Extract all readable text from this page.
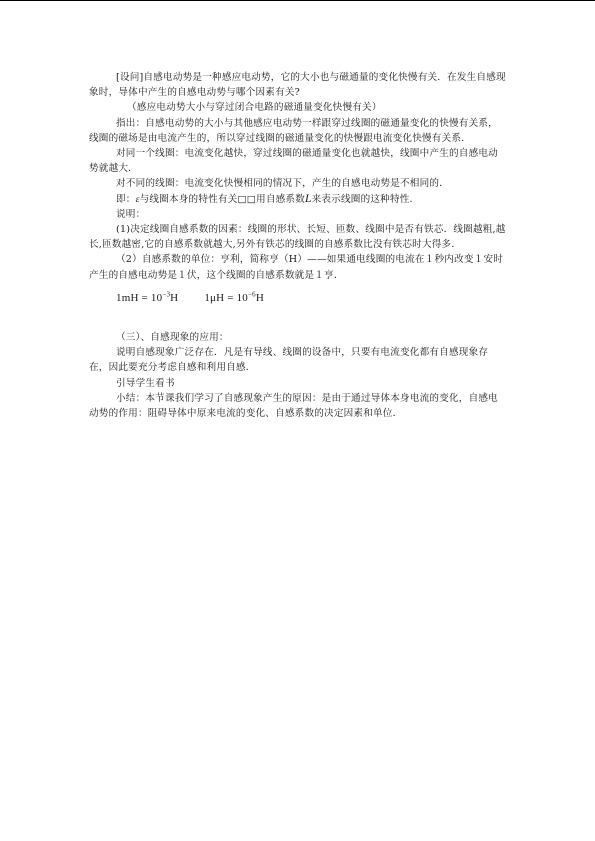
[设问]自感电动势是一种感应电动势，它的大小也与磁通量的变化快慢有关．在发生自感现象时，导体中产生的自感电动势与哪个因素有关?

（感应电动势大小与穿过闭合电路的磁通量变化快慢有关）

指出：自感电动势的大小与其他感应电动势一样跟穿过线圈的磁通量变化的快慢有关系，线圈的磁场是由电流产生的，所以穿过线圈的磁通量变化的快慢跟电流变化快慢有关系．

对同一个线圈：电流变化越快，穿过线圈的磁通量变化也就越快，线圈中产生的自感电动势就越大．

对不同的线圈：电流变化快慢相同的情况下，产生的自感电动势是不相同的．

即：ε与线圈本身的特性有关□□用自感系数L来表示线圈的这种特性．

说明：

(1)决定线圈自感系数的因素：线圈的形状、长短、匝数、线圈中是否有铁芯．线圈越粗,越长,匝数越密,它的自感系数就越大,另外有铁芯的线圈的自感系数比没有铁芯时大得多．

（2）自感系数的单位：亨利，简称亨（H）——如果通电线圈的电流在１秒内改变１安时产生的自感电动势是１伏，这个线圈的自感系数就是１亨．

$1mH = 10^{-3}H$ $1\mu H = 10^{-6}H$

（三）、自感现象的应用：

说明自感现象广泛存在．凡是有导线、线圈的设备中，只要有电流变化都有自感现象存在，因此要充分考虑自感和利用自感．

引导学生看书

小结：本节课我们学习了自感现象产生的原因：是由于通过导体本身电流的变化，自感电动势的作用：阻碍导体中原来电流的变化、自感系数的决定因素和单位．
